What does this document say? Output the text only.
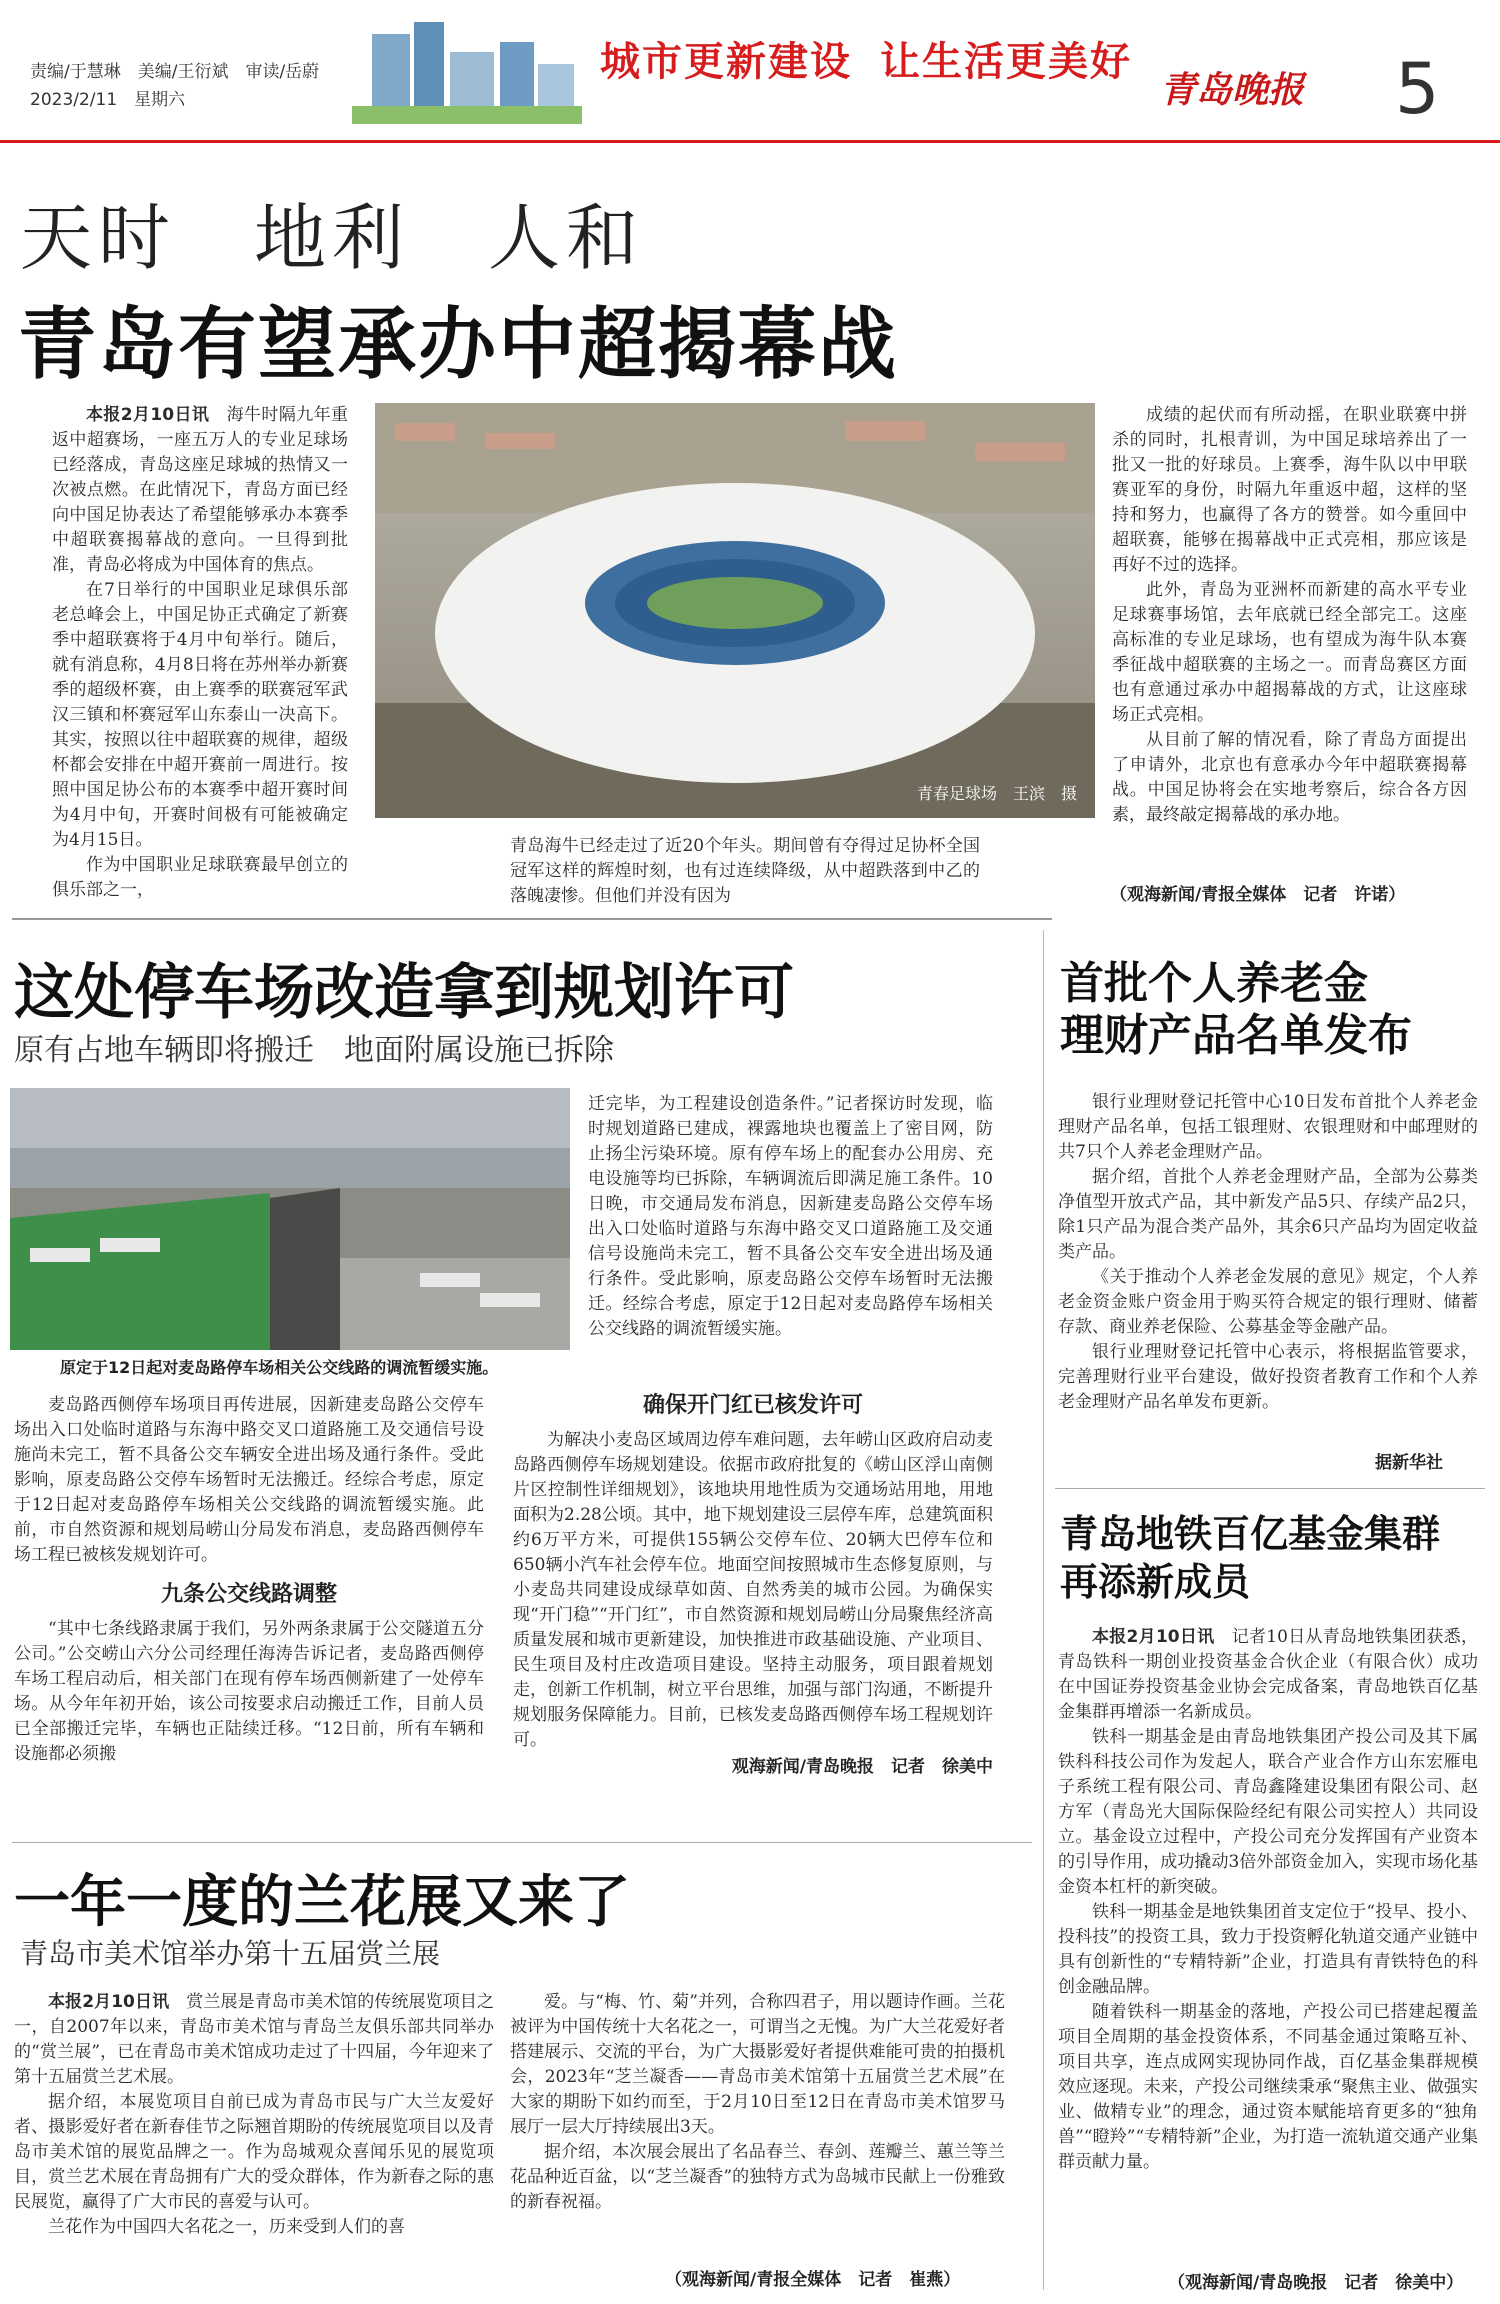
责编/于慧琳　美编/王衍斌　审读/岳蔚
2023/2/11　星期六
城市更新建设 让生活更美好
青岛晚报 5
天时　地利　人和
青岛有望承办中超揭幕战

本报2月10日讯　海牛时隔九年重返中超赛场，一座五万人的专业足球场已经落成，青岛这座足球城的热情又一次被点燃。在此情况下，青岛方面已经向中国足协表达了希望能够承办本赛季中超联赛揭幕战的意向。一旦得到批准，青岛必将成为中国体育的焦点。

在7日举行的中国职业足球俱乐部老总峰会上，中国足协正式确定了新赛季中超联赛将于4月中旬举行。随后，就有消息称，4月8日将在苏州举办新赛季的超级杯赛，由上赛季的联赛冠军武汉三镇和杯赛冠军山东泰山一决高下。其实，按照以往中超联赛的规律，超级杯都会安排在中超开赛前一周进行。按照中国足协公布的本赛季中超开赛时间为4月中旬，开赛时间极有可能被确定为4月15日。

作为中国职业足球联赛最早创立的俱乐部之一，

青春足球场　王滨　摄

青岛海牛已经走过了近20个年头。期间曾有夺得过足协杯全国冠军这样的辉煌时刻，也有过连续降级，从中超跌落到中乙的落魄凄惨。但他们并没有因为

成绩的起伏而有所动摇，在职业联赛中拼杀的同时，扎根青训，为中国足球培养出了一批又一批的好球员。上赛季，海牛队以中甲联赛亚军的身份，时隔九年重返中超，这样的坚持和努力，也赢得了各方的赞誉。如今重回中超联赛，能够在揭幕战中正式亮相，那应该是再好不过的选择。

此外，青岛为亚洲杯而新建的高水平专业足球赛事场馆，去年底就已经全部完工。这座高标准的专业足球场，也有望成为海牛队本赛季征战中超联赛的主场之一。而青岛赛区方面也有意通过承办中超揭幕战的方式，让这座球场正式亮相。

从目前了解的情况看，除了青岛方面提出了申请外，北京也有意承办今年中超联赛揭幕战。中国足协将会在实地考察后，综合各方因素，最终敲定揭幕战的承办地。

（观海新闻/青报全媒体　记者　许诺）
这处停车场改造拿到规划许可
原有占地车辆即将搬迁　地面附属设施已拆除
原定于12日起对麦岛路停车场相关公交线路的调流暂缓实施。

迁完毕，为工程建设创造条件。”记者探访时发现，临时规划道路已建成，裸露地块也覆盖上了密目网，防止扬尘污染环境。原有停车场上的配套办公用房、充电设施等均已拆除，车辆调流后即满足施工条件。10日晚，市交通局发布消息，因新建麦岛路公交停车场出入口处临时道路与东海中路交叉口道路施工及交通信号设施尚未完工，暂不具备公交车安全进出场及通行条件。受此影响，原麦岛路公交停车场暂时无法搬迁。经综合考虑，原定于12日起对麦岛路停车场相关公交线路的调流暂缓实施。

麦岛路西侧停车场项目再传进展，因新建麦岛路公交停车场出入口处临时道路与东海中路交叉口道路施工及交通信号设施尚未完工，暂不具备公交车辆安全进出场及通行条件。受此影响，原麦岛路公交停车场暂时无法搬迁。经综合考虑，原定于12日起对麦岛路停车场相关公交线路的调流暂缓实施。此前，市自然资源和规划局崂山分局发布消息，麦岛路西侧停车场工程已被核发规划许可。

九条公交线路调整

“其中七条线路隶属于我们，另外两条隶属于公交隧道五分公司。”公交崂山六分公司经理任海涛告诉记者，麦岛路西侧停车场工程启动后，相关部门在现有停车场西侧新建了一处停车场。从今年年初开始，该公司按要求启动搬迁工作，目前人员已全部搬迁完毕，车辆也正陆续迁移。“12日前，所有车辆和设施都必须搬

确保开门红已核发许可

为解决小麦岛区域周边停车难问题，去年崂山区政府启动麦岛路西侧停车场规划建设。依据市政府批复的《崂山区浮山南侧片区控制性详细规划》，该地块用地性质为交通场站用地，用地面积为2.28公顷。其中，地下规划建设三层停车库，总建筑面积约6万平方米，可提供155辆公交停车位、20辆大巴停车位和650辆小汽车社会停车位。地面空间按照城市生态修复原则，与小麦岛共同建设成绿草如茵、自然秀美的城市公园。为确保实现“开门稳”“开门红”，市自然资源和规划局崂山分局聚焦经济高质量发展和城市更新建设，加快推进市政基础设施、产业项目、民生项目及村庄改造项目建设。坚持主动服务，项目跟着规划走，创新工作机制，树立平台思维，加强与部门沟通，不断提升规划服务保障能力。目前，已核发麦岛路西侧停车场工程规划许可。

观海新闻/青岛晚报　记者　徐美中
一年一度的兰花展又来了
青岛市美术馆举办第十五届赏兰展

本报2月10日讯　赏兰展是青岛市美术馆的传统展览项目之一，自2007年以来，青岛市美术馆与青岛兰友俱乐部共同举办的“赏兰展”，已在青岛市美术馆成功走过了十四届，今年迎来了第十五届赏兰艺术展。

据介绍，本展览项目自前已成为青岛市民与广大兰友爱好者、摄影爱好者在新春佳节之际翘首期盼的传统展览项目以及青岛市美术馆的展览品牌之一。作为岛城观众喜闻乐见的展览项目，赏兰艺术展在青岛拥有广大的受众群体，作为新春之际的惠民展览，赢得了广大市民的喜爱与认可。

兰花作为中国四大名花之一，历来受到人们的喜

爱。与“梅、竹、菊”并列，合称四君子，用以题诗作画。兰花被评为中国传统十大名花之一，可谓当之无愧。为广大兰花爱好者搭建展示、交流的平台，为广大摄影爱好者提供难能可贵的拍摄机会，2023年“芝兰凝香——青岛市美术馆第十五届赏兰艺术展”在大家的期盼下如约而至，于2月10日至12日在青岛市美术馆罗马展厅一层大厅持续展出3天。

据介绍，本次展会展出了名品春兰、春剑、莲瓣兰、蕙兰等兰花品种近百盆，以“芝兰凝香”的独特方式为岛城市民献上一份雅致的新春祝福。

（观海新闻/青报全媒体　记者　崔燕）
首批个人养老金
理财产品名单发布

银行业理财登记托管中心10日发布首批个人养老金理财产品名单，包括工银理财、农银理财和中邮理财的共7只个人养老金理财产品。

据介绍，首批个人养老金理财产品，全部为公募类净值型开放式产品，其中新发产品5只、存续产品2只，除1只产品为混合类产品外，其余6只产品均为固定收益类产品。

《关于推动个人养老金发展的意见》规定，个人养老金资金账户资金用于购买符合规定的银行理财、储蓄存款、商业养老保险、公募基金等金融产品。

银行业理财登记托管中心表示，将根据监管要求，完善理财行业平台建设，做好投资者教育工作和个人养老金理财产品名单发布更新。

据新华社
青岛地铁百亿基金集群
再添新成员

本报2月10日讯　记者10日从青岛地铁集团获悉，青岛铁科一期创业投资基金合伙企业（有限合伙）成功在中国证券投资基金业协会完成备案，青岛地铁百亿基金集群再增添一名新成员。

铁科一期基金是由青岛地铁集团产投公司及其下属铁科科技公司作为发起人，联合产业合作方山东宏雁电子系统工程有限公司、青岛鑫隆建设集团有限公司、赵方军（青岛光大国际保险经纪有限公司实控人）共同设立。基金设立过程中，产投公司充分发挥国有产业资本的引导作用，成功撬动3倍外部资金加入，实现市场化基金资本杠杆的新突破。

铁科一期基金是地铁集团首支定位于“投早、投小、投科技”的投资工具，致力于投资孵化轨道交通产业链中具有创新性的“专精特新”企业，打造具有青铁特色的科创金融品牌。

随着铁科一期基金的落地，产投公司已搭建起覆盖项目全周期的基金投资体系，不同基金通过策略互补、项目共享，连点成网实现协同作战，百亿基金集群规模效应逐现。未来，产投公司继续秉承“聚焦主业、做强实业、做精专业”的理念，通过资本赋能培育更多的“独角兽”“瞪羚”“专精特新”企业，为打造一流轨道交通产业集群贡献力量。

（观海新闻/青岛晚报　记者　徐美中）
